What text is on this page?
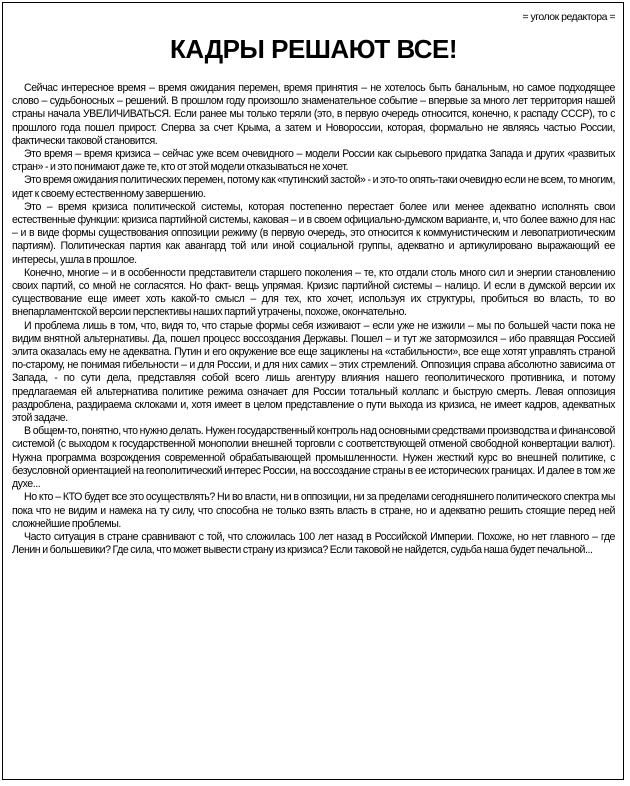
= уголок редактора =
КАДРЫ РЕШАЮТ ВСЕ!

Сейчас интересное время – время ожидания перемен, время принятия – не хотелось быть банальным, но самое подходящее слово – судьбоносных – решений. В прошлом году произошло знаменательное событие – впервые за много лет территория нашей страны начала УВЕЛИЧИВАТЬСЯ. Если ранее мы только теряли (это, в первую очередь относится, конечно, к распаду СССР), то с прошлого года пошел прирост. Сперва за счет Крыма, а затем и Новороссии, которая, формально не являясь частью России, фактически таковой становится.

Это время – время кризиса – сейчас уже всем очевидного – модели России как сырьевого придатка Запада и других «развитых стран» - и это понимают даже те, кто от этой модели отказываться не хочет.

Это время ожидания политических перемен, потому как «путинский застой» - и это-то опять-таки очевидно если не всем, то многим, идет к своему естественному завершению.

Это – время кризиса политической системы, которая постепенно перестает более или менее адекватно исполнять свои естественные функции: кризиса партийной системы, каковая – и в своем официально-думском варианте, и, что более важно для нас – и в виде формы существования оппозиции режиму (в первую очередь, это относится к коммунистическим и левопатриотическим партиям). Политическая партия как авангард той или иной социальной группы, адекватно и артикулировано выражающий ее интересы, ушла в прошлое.

Конечно, многие – и в особенности представители старшего поколения – те, кто отдали столь много сил и энергии становлению своих партий, со мной не согласятся. Но факт- вещь упрямая. Кризис партийной системы – налицо. И если в думской версии их существование еще имеет хоть какой-то смысл – для тех, кто хочет, используя их структуры, пробиться во власть, то во внепарламентской версии перспективы наших партий утрачены, похоже, окончательно.

И проблема лишь в том, что, видя то, что старые формы себя изживают – если уже не изжили – мы по большей части пока не видим внятной альтернативы. Да, пошел процесс воссоздания Державы. Пошел – и тут же затормозился – ибо правящая Россией элита оказалась ему не адекватна. Путин и его окружение все еще зациклены на «стабильности», все еще хотят управлять страной по-старому, не понимая гибельности – и для России, и для них самих – этих стремлений. Оппозиция справа абсолютно зависима от Запада, - по сути дела, представляя собой всего лишь агентуру влияния нашего геополитического противника, и потому предлагаемая ей альтернатива политике режима означает для России тотальный коллапс и быструю смерть. Левая оппозиция раздроблена, раздираема склоками и, хотя имеет в целом представление о пути выхода из кризиса, не имеет кадров, адекватных этой задаче.

В общем-то, понятно, что нужно делать. Нужен государственный контроль над основными средствами производства и финансовой системой (с выходом к государственной монополии внешней торговли с соответствующей отменой свободной конвертации валют). Нужна программа возрождения современной обрабатывающей промышленности. Нужен жесткий курс во внешней политике, с безусловной ориентацией на геополитический интерес России, на воссоздание страны в ее исторических границах. И далее в том же духе...

Но кто – КТО будет все это осуществлять? Ни во власти, ни в оппозиции, ни за пределами сегодняшнего политического спектра мы пока что не видим и намека на ту силу, что способна не только взять власть в стране, но и адекватно решить стоящие перед ней сложнейшие проблемы.

Часто ситуация в стране сравнивают с той, что сложилась 100 лет назад в Российской Империи. Похоже, но нет главного – где Ленин и большевики? Где сила, что может вывести страну из кризиса? Если таковой не найдется, судьба наша будет печальной...
